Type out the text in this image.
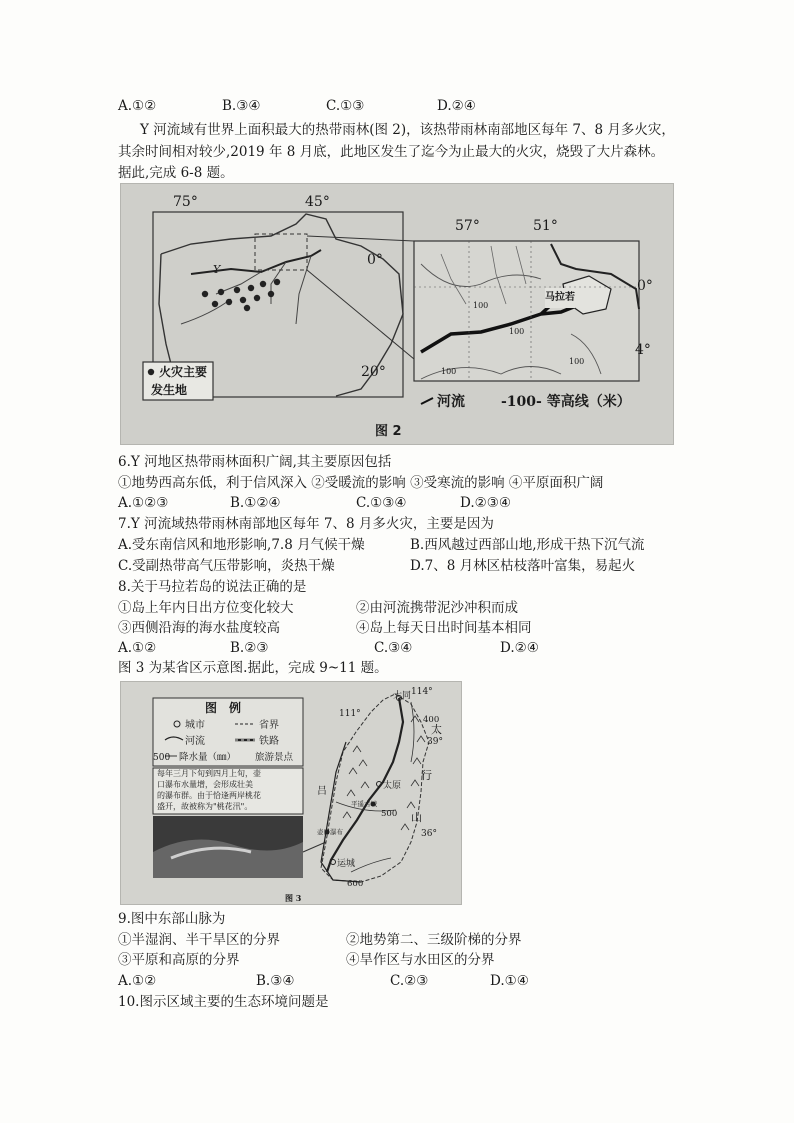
A.①②	B.③④	C.①③	D.②④
Y 河流域有世界上面积最大的热带雨林(图 2)，该热带雨林南部地区每年 7、8 月多火灾，
其余时间相对较少,2019 年 8 月底，此地区发生了迄今为止最大的火灾，烧毁了大片森林。
据此,完成 6-8 题。
75°	45°
0°
20°
Y
火灾主要
发生地
57°	51°
0°
4°
马拉若
100
100
100
100
河流	-100- 等高线（米）
图 2
6.Y 河地区热带雨林面积广阔,其主要原因包括
①地势西高东低，利于信风深入 ②受暖流的影响 ③受寒流的影响 ④平原面积广阔
A.①②③	B.①②④	C.①③④	D.②③④
7.Y 河流域热带雨林南部地区每年 7、8 月多火灾，主要是因为
A.受东南信风和地形影响,7.8 月气候干燥	B.西风越过西部山地,形成干热下沉气流
C.受副热带高气压带影响，炎热干燥	D.7、8 月林区枯枝落叶富集，易起火
8.关于马拉若岛的说法正确的是
①岛上年内日出方位变化较大	②由河流携带泥沙冲积而成
③西侧沿海的海水盐度较高	④岛上每天日出时间基本相同
A.①②	B.②③	C.③④	D.②④
图 3 为某省区示意图.据此，完成 9~11 题。
图　例
城市	省界
河流	铁路
500 降水量（㎜） 旅游景点
每年三月下旬到四月上旬，壶
口瀑布水量增，会形成壮美
的瀑布群。由于恰逢两岸桃花
盛开，故被称为"桃花汛"。
114°
111°
39°
36°
大同
太原
运城
太
行
山
吕
400
500
600
平遥古城
壶口瀑布
图 3
9.图中东部山脉为
①半湿润、半干旱区的分界	②地势第二、三级阶梯的分界
③平原和高原的分界	④旱作区与水田区的分界
A.①②	B.③④	C.②③	D.①④
10.图示区域主要的生态环境问题是
